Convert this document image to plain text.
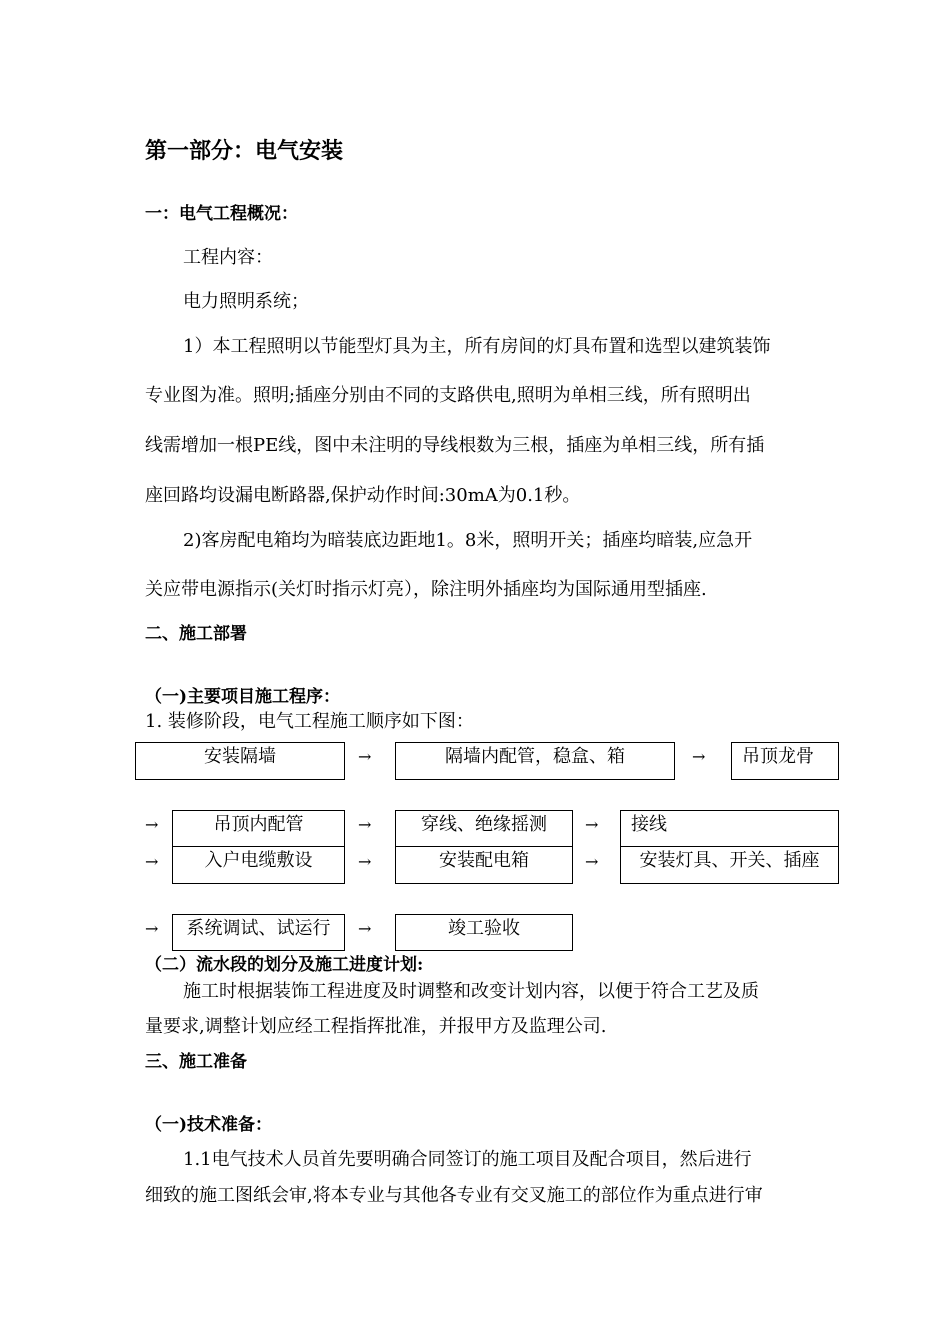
第一部分：电气安装
一：电气工程概况：
工程内容：
电力照明系统；
1）本工程照明以节能型灯具为主，所有房间的灯具布置和选型以建筑装饰
专业图为准。照明;插座分别由不同的支路供电,照明为单相三线，所有照明出
线需增加一根PE线，图中未注明的导线根数为三根，插座为单相三线，所有插
座回路均设漏电断路器,保护动作时间:30mA为0.1秒。
2)客房配电箱均为暗装底边距地1。8米，照明开关；插座均暗装,应急开
关应带电源指示(关灯时指示灯亮），除注明外插座均为国际通用型插座.
二、施工部署
（一)主要项目施工程序：
1. 装修阶段，电气工程施工顺序如下图：
安装隔墙	→	隔墙内配管，稳盒、箱	→	吊顶龙骨
→	吊顶内配管	→	穿线、绝缘摇测	→	接线
→	入户电缆敷设	→	安装配电箱	→	安装灯具、开关、插座
→	系统调试、试运行	→	竣工验收
（二）流水段的划分及施工进度计划:
施工时根据装饰工程进度及时调整和改变计划内容，以便于符合工艺及质
量要求,调整计划应经工程指挥批准，并报甲方及监理公司.
三、施工准备
（一)技术准备：
1.1电气技术人员首先要明确合同签订的施工项目及配合项目，然后进行
细致的施工图纸会审,将本专业与其他各专业有交叉施工的部位作为重点进行审
